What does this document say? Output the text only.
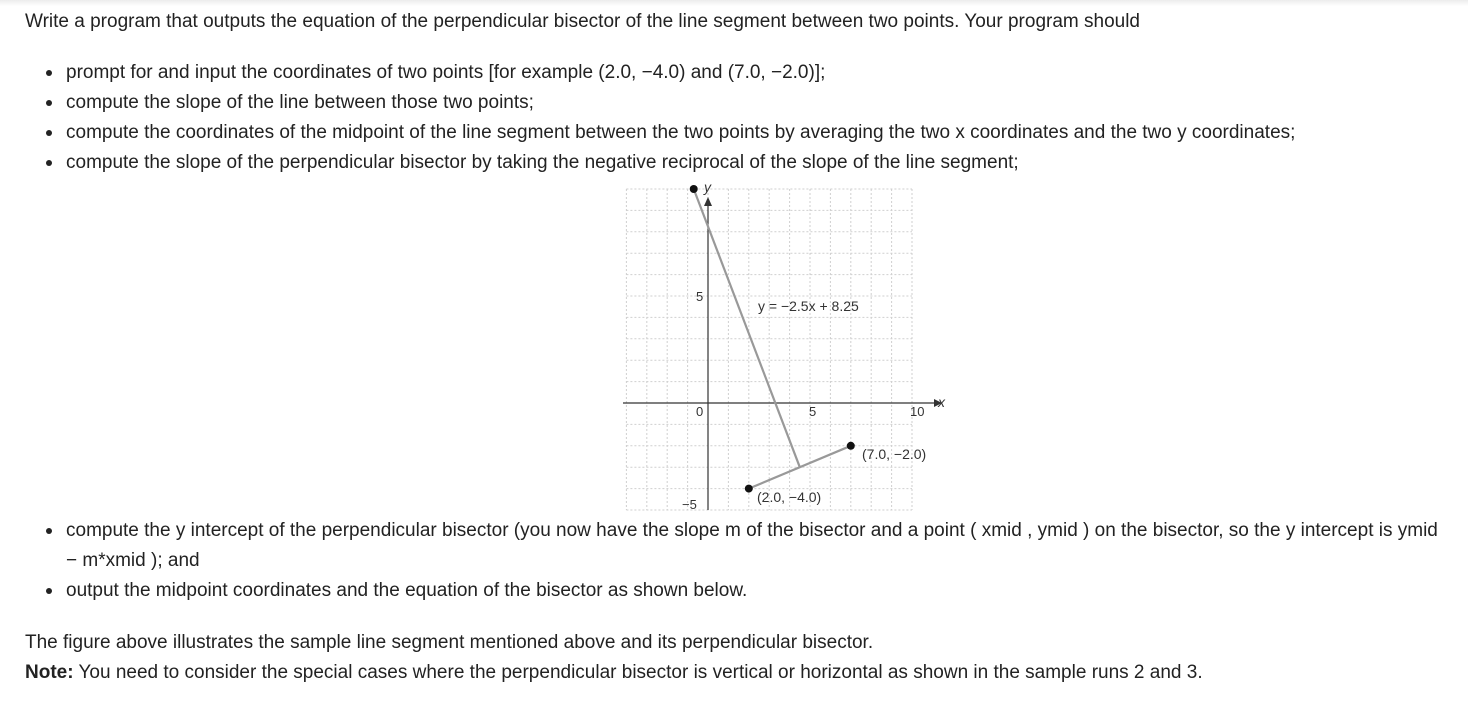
Write a program that outputs the equation of the perpendicular bisector of the line segment between two points. Your program should

prompt for and input the coordinates of two points [for example (2.0, −4.0) and (7.0, −2.0)];
compute the slope of the line between those two points;
compute the coordinates of the midpoint of the line segment between the two points by averaging the two x coordinates and the two y coordinates;
compute the slope of the perpendicular bisector by taking the negative reciprocal of the slope of the line segment;
y
x
5
0	5	10
−5
y = −2.5x + 8.25
(2.0, −4.0)
(7.0, −2.0)
compute the y intercept of the perpendicular bisector (you now have the slope m of the bisector and a point ( xmid , ymid ) on the bisector, so the y intercept is ymid − m*xmid ); and
output the midpoint coordinates and the equation of the bisector as shown below.

The figure above illustrates the sample line segment mentioned above and its perpendicular bisector.

Note: You need to consider the special cases where the perpendicular bisector is vertical or horizontal as shown in the sample runs 2 and 3.
